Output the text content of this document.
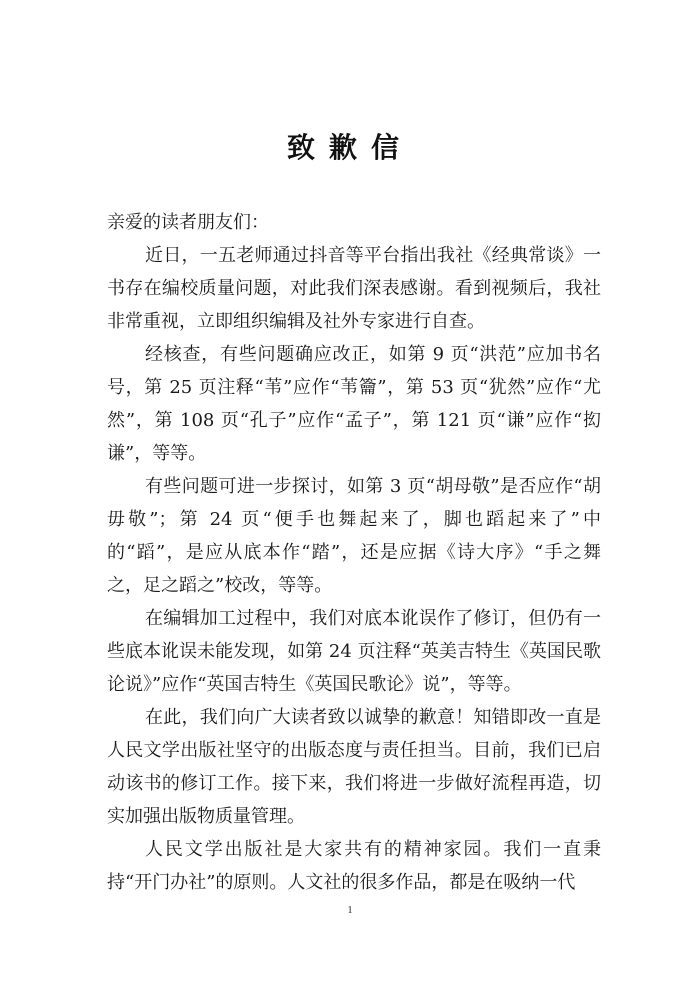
致歉信

亲爱的读者朋友们：

近日，一五老师通过抖音等平台指出我社《经典常谈》一书存在编校质量问题，对此我们深表感谢。看到视频后，我社非常重视，立即组织编辑及社外专家进行自查。

经核查，有些问题确应改正，如第 9 页“洪范”应加书名号，第 25 页注释“苇”应作“苇籥”，第 53 页“犹然”应作“尤然”，第 108 页“孔子”应作“孟子”，第 121 页“谦”应作“抝谦”，等等。

有些问题可进一步探讨，如第 3 页“胡母敬”是否应作“胡毋敬”；第 24 页“便手也舞起来了，脚也蹈起来了”中的“蹈”，是应从底本作“踏”，还是应据《诗大序》“手之舞之，足之蹈之”校改，等等。

在编辑加工过程中，我们对底本讹误作了修订，但仍有一些底本讹误未能发现，如第 24 页注释“英美吉特生《英国民歌论说》”应作“英国吉特生《英国民歌论》说”，等等。

在此，我们向广大读者致以诚挚的歉意！知错即改一直是人民文学出版社坚守的出版态度与责任担当。目前，我们已启动该书的修订工作。接下来，我们将进一步做好流程再造，切实加强出版物质量管理。

人民文学出版社是大家共有的精神家园。我们一直秉持“开门办社”的原则。人文社的很多作品，都是在吸纳一代

1
